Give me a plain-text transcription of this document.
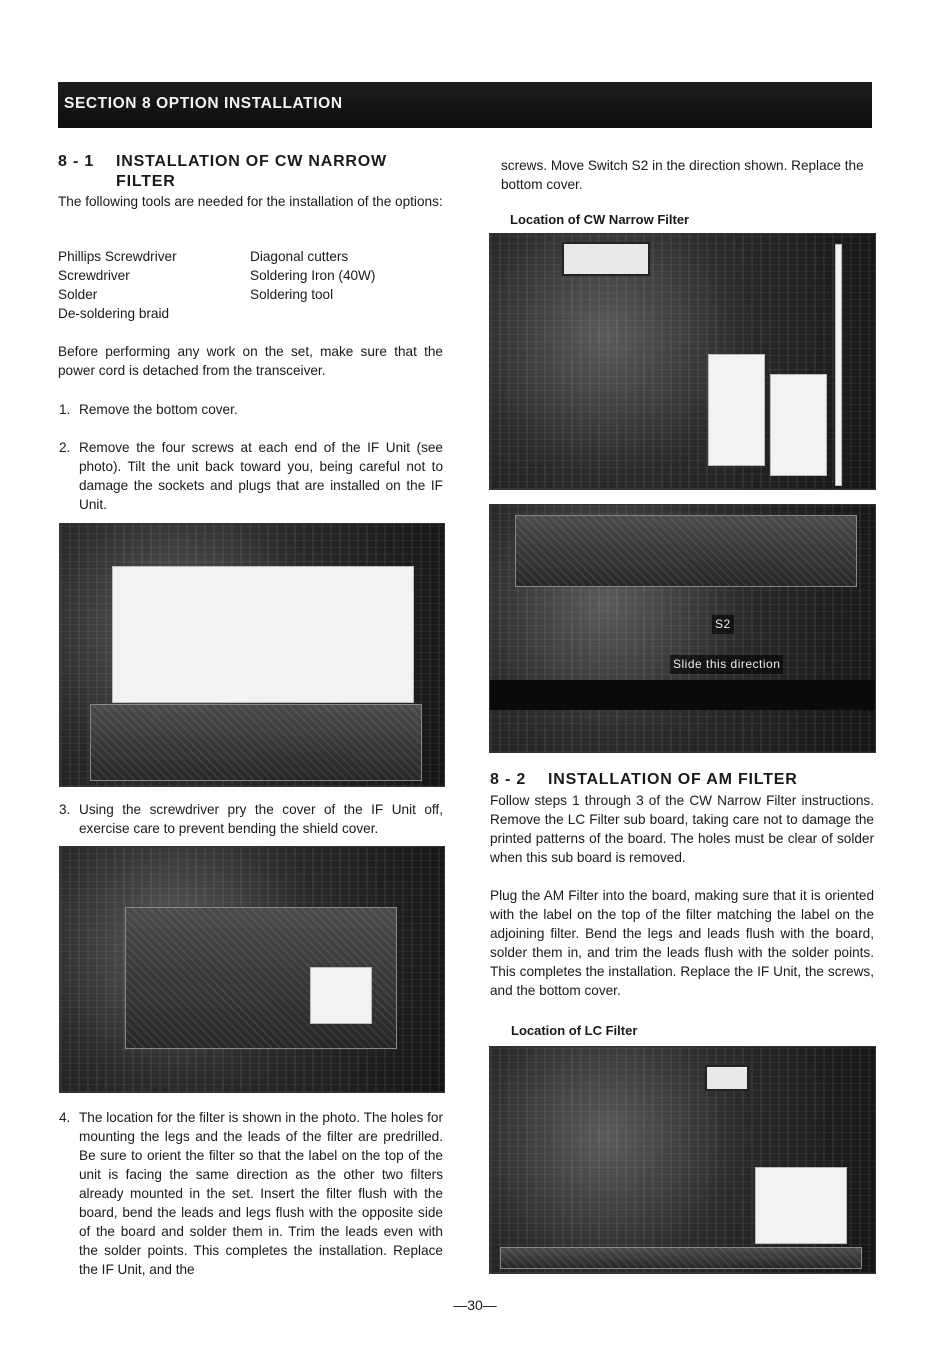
SECTION 8 OPTION INSTALLATION
8 - 1 INSTALLATION OF CW NARROW
FILTER
The following tools are needed for the installation of the options:
Phillips Screwdriver
Screwdriver
Solder
De-soldering braid
Diagonal cutters
Soldering Iron (40W)
Soldering tool
Before performing any work on the set, make sure that the power cord is detached from the transceiver.
1. Remove the bottom cover.
2. Remove the four screws at each end of the IF Unit (see photo). Tilt the unit back toward you, being careful not to damage the sockets and plugs that are installed on the IF Unit.
3. Using the screwdriver pry the cover of the IF Unit off, exercise care to prevent bending the shield cover.
4. The location for the filter is shown in the photo. The holes for mounting the legs and the leads of the filter are predrilled. Be sure to orient the filter so that the label on the top of the unit is facing the same direction as the other two filters already mounted in the set. Insert the filter flush with the board, bend the leads and legs flush with the opposite side of the board and solder them in. Trim the leads even with the solder points. This completes the installation. Replace the IF Unit, and the
screws. Move Switch S2 in the direction shown. Replace the bottom cover.
Location of CW Narrow Filter
S2
Slide this direction
8 - 2 INSTALLATION OF AM FILTER
Follow steps 1 through 3 of the CW Narrow Filter instructions. Remove the LC Filter sub board, taking care not to damage the printed patterns of the board. The holes must be clear of solder when this sub board is removed.
Plug the AM Filter into the board, making sure that it is oriented with the label on the top of the filter matching the label on the adjoining filter. Bend the legs and leads flush with the board, solder them in, and trim the leads flush with the solder points. This completes the installation. Replace the IF Unit, the screws, and the bottom cover.
Location of LC Filter
—30—
